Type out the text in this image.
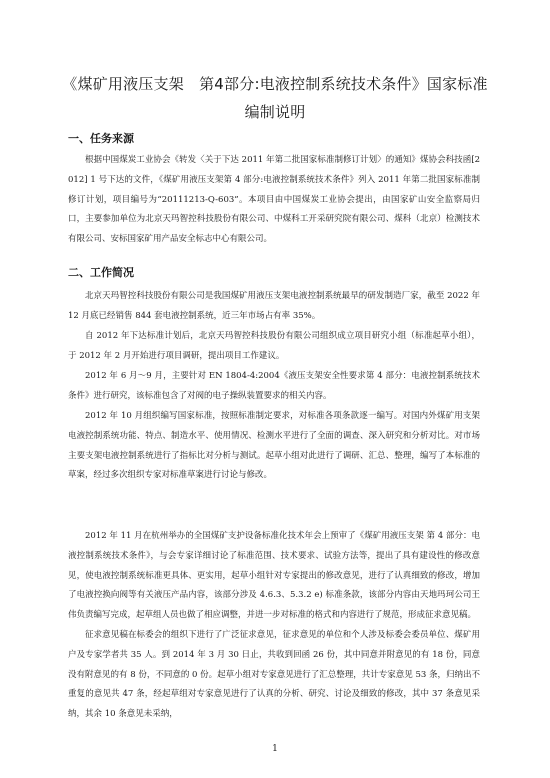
《煤矿用液压支架　第4部分:电液控制系统技术条件》国家标准
编制说明
一、任务来源
根据中国煤炭工业协会《转发〈关于下达 2011 年第二批国家标准制修订计划〉的通知》煤协会科技函[2012] 1 号下达的文件，《煤矿用液压支架第 4 部分:电液控制系统技术条件》列入 2011 年第二批国家标准制修订计划，项目编号为“20111213-Q-603”。本项目由中国煤炭工业协会提出，由国家矿山安全监察局归口，主要参加单位为北京天玛智控科技股份有限公司、中煤科工开采研究院有限公司、煤科（北京）检测技术有限公司、安标国家矿用产品安全标志中心有限公司。
二、工作简况
北京天玛智控科技股份有限公司是我国煤矿用液压支架电液控制系统最早的研发制造厂家，截至 2022 年 12 月底已经销售 844 套电液控制系统，近三年市场占有率 35%。
自 2012 年下达标准计划后，北京天玛智控科技股份有限公司组织成立项目研究小组（标准起草小组），于 2012 年 2 月开始进行项目调研，提出项目工作建议。
2012 年 6 月～9 月，主要针对 EN 1804-4:2004《液压支架安全性要求第 4 部分：电液控制系统技术条件》进行研究，该标准包含了对阀的电子操纵装置要求的相关内容。
2012 年 10 月组织编写国家标准，按照标准制定要求，对标准各项条款逐一编写。对国内外煤矿用支架电液控制系统功能、特点、制造水平、使用情况、检测水平进行了全面的调查、深入研究和分析对比。对市场主要支架电液控制系统进行了指标比对分析与测试。起草小组对此进行了调研、汇总、整理，编写了本标准的草案，经过多次组织专家对标准草案进行讨论与修改。
2012 年 11 月在杭州举办的全国煤矿支护设备标准化技术年会上预审了《煤矿用液压支架 第 4 部分：电液控制系统技术条件》，与会专家详细讨论了标准范围、技术要求、试验方法等，提出了具有建设性的修改意见，使电液控制系统标准更具体、更实用，起草小组针对专家提出的修改意见，进行了认真细致的修改，增加了电液控换向阀等有关液压产品内容，该部分涉及 4.6.3、5.3.2 e) 标准条款，该部分内容由天地玛珂公司王伟负责编写完成，起草组人员也做了相应调整，并进一步对标准的格式和内容进行了规范，形成征求意见稿。
征求意见稿在标委会的组织下进行了广泛征求意见，征求意见的单位和个人涉及标委会委员单位、煤矿用户及专家学者共 35 人。到 2014 年 3 月 30 日止，共收到回函 26 份，其中同意并附意见的有 18 份，同意没有附意见的有 8 份，不同意的 0 份。起草小组对专家意见进行了汇总整理，共计专家意见 53 条，归纳出不重复的意见共 47 条，经起草组对专家意见进行了认真的分析、研究、讨论及细致的修改，其中 37 条意见采纳，其余 10 条意见未采纳，
1
